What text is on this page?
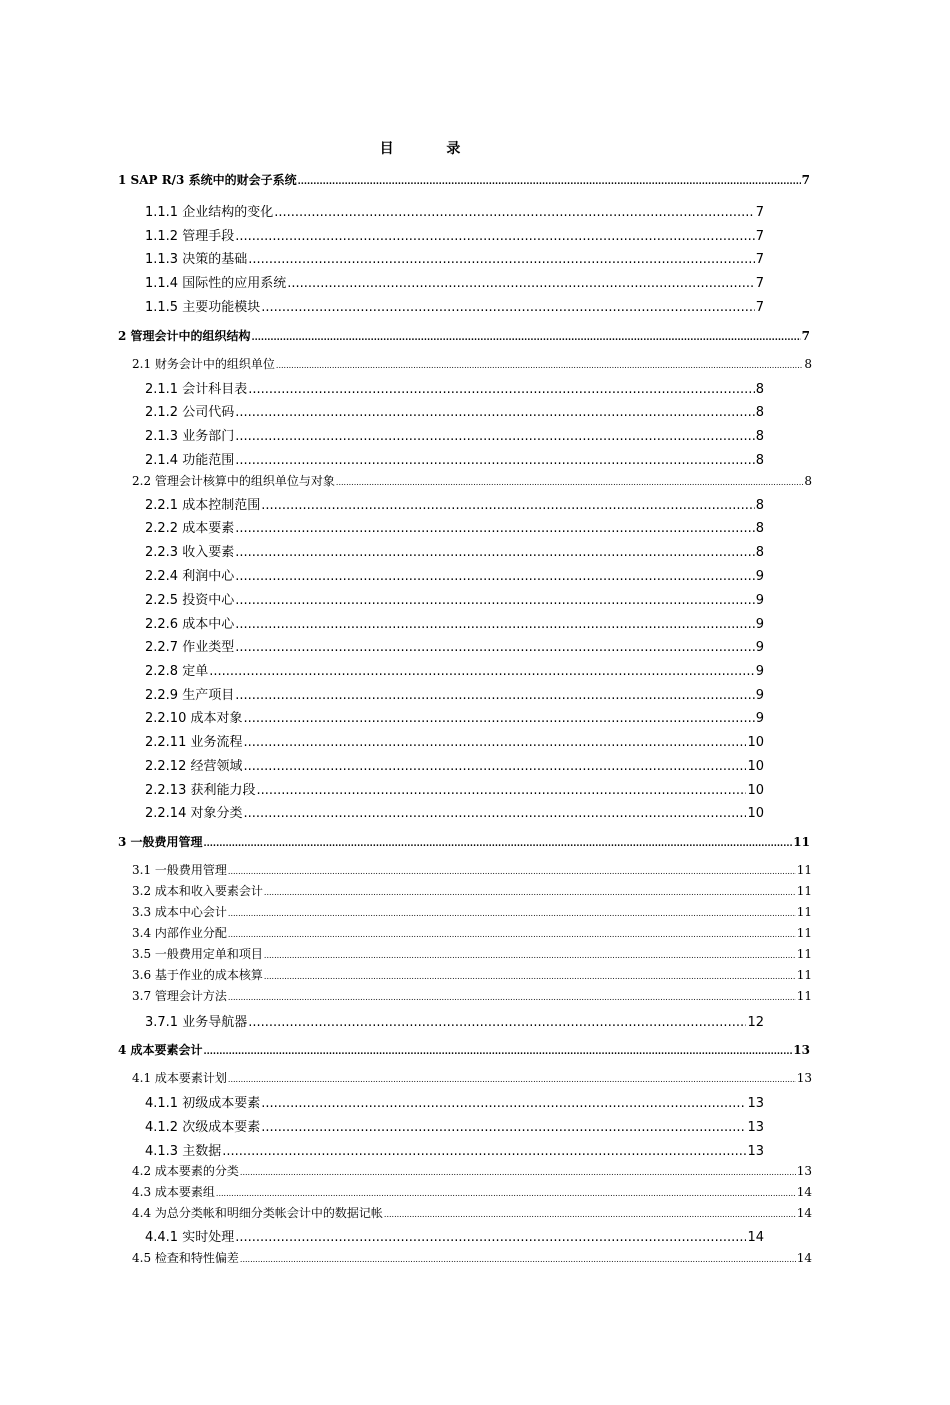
目 录
1 SAP R/3 系统中的财会子系统 .....	7
1.1.1 企业结构的变化 .....	7
1.1.2 管理手段 .....	7
1.1.3 决策的基础 .....	7
1.1.4 国际性的应用系统 .....	7
1.1.5 主要功能模块 .....	7
2 管理会计中的组织结构 .....	7
2.1 财务会计中的组织单位 .....	8
2.1.1 会计科目表 .....	8
2.1.2 公司代码 .....	8
2.1.3 业务部门 .....	8
2.1.4 功能范围 .....	8
2.2 管理会计核算中的组织单位与对象 .....	8
2.2.1 成本控制范围 .....	8
2.2.2 成本要素 .....	8
2.2.3 收入要素 .....	8
2.2.4 利润中心 .....	9
2.2.5 投资中心 .....	9
2.2.6 成本中心 .....	9
2.2.7 作业类型 .....	9
2.2.8 定单 .....	9
2.2.9 生产项目 .....	9
2.2.10 成本对象 .....	9
2.2.11 业务流程 .....	10
2.2.12 经营领域 .....	10
2.2.13 获利能力段 .....	10
2.2.14 对象分类 .....	10
3 一般费用管理 .....	11
3.1 一般费用管理 .....	11
3.2 成本和收入要素会计 .....	11
3.3 成本中心会计 .....	11
3.4 内部作业分配 .....	11
3.5 一般费用定单和项目 .....	11
3.6 基于作业的成本核算 .....	11
3.7 管理会计方法 .....	11
3.7.1 业务导航器 .....	12
4 成本要素会计 .....	13
4.1 成本要素计划 .....	13
4.1.1 初级成本要素 .....	13
4.1.2 次级成本要素 .....	13
4.1.3 主数据 .....	13
4.2 成本要素的分类 .....	13
4.3 成本要素组 .....	14
4.4 为总分类帐和明细分类帐会计中的数据记帐 .....	14
4.4.1 实时处理 .....	14
4.5 检查和特性偏差 .....	14
